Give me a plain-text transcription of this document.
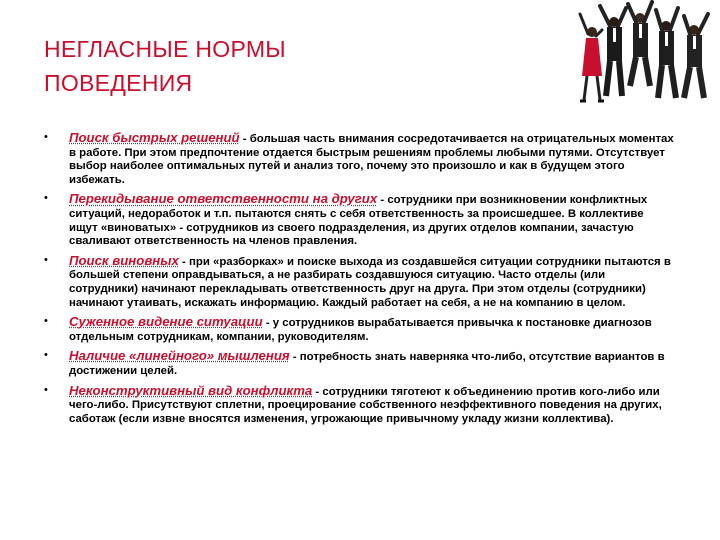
НЕГЛАСНЫЕ НОРМЫ
ПОВЕДЕНИЯ
• Поиск быстрых решений - большая часть внимания сосредотачивается на отрицательных моментах в работе. При этом предпочтение отдается быстрым решениям проблемы любыми путями. Отсутствует выбор наиболее оптимальных путей и анализ того, почему это произошло и как в будущем этого избежать.
• Перекидывание ответственности на других - сотрудники при возникновении конфликтных ситуаций, недоработок и т.п. пытаются снять с себя ответственность за происшедшее. В коллективе ищут «виноватых» - сотрудников из своего подразделения, из других отделов компании, зачастую сваливают ответственность на членов правления.
• Поиск виновных - при «разборках» и поиске выхода из создавшейся ситуации сотрудники пытаются в большей степени оправдываться, а не разбирать создавшуюся ситуацию. Часто отделы (или сотрудники) начинают перекладывать ответственность друг на друга. При этом отделы (сотрудники) начинают утаивать, искажать информацию. Каждый работает на себя, а не на компанию в целом.
• Суженное видение ситуации - у сотрудников вырабатывается привычка к постановке диагнозов отдельным сотрудникам, компании, руководителям.
• Наличие «линейного» мышления - потребность знать наверняка что-либо, отсутствие вариантов в достижении целей.
• Неконструктивный вид конфликта - сотрудники тяготеют к объединению против кого-либо или чего-либо. Присутствуют сплетни, проецирование собственного неэффективного поведения на других, саботаж (если извне вносятся изменения, угрожающие привычному укладу жизни коллектива).
